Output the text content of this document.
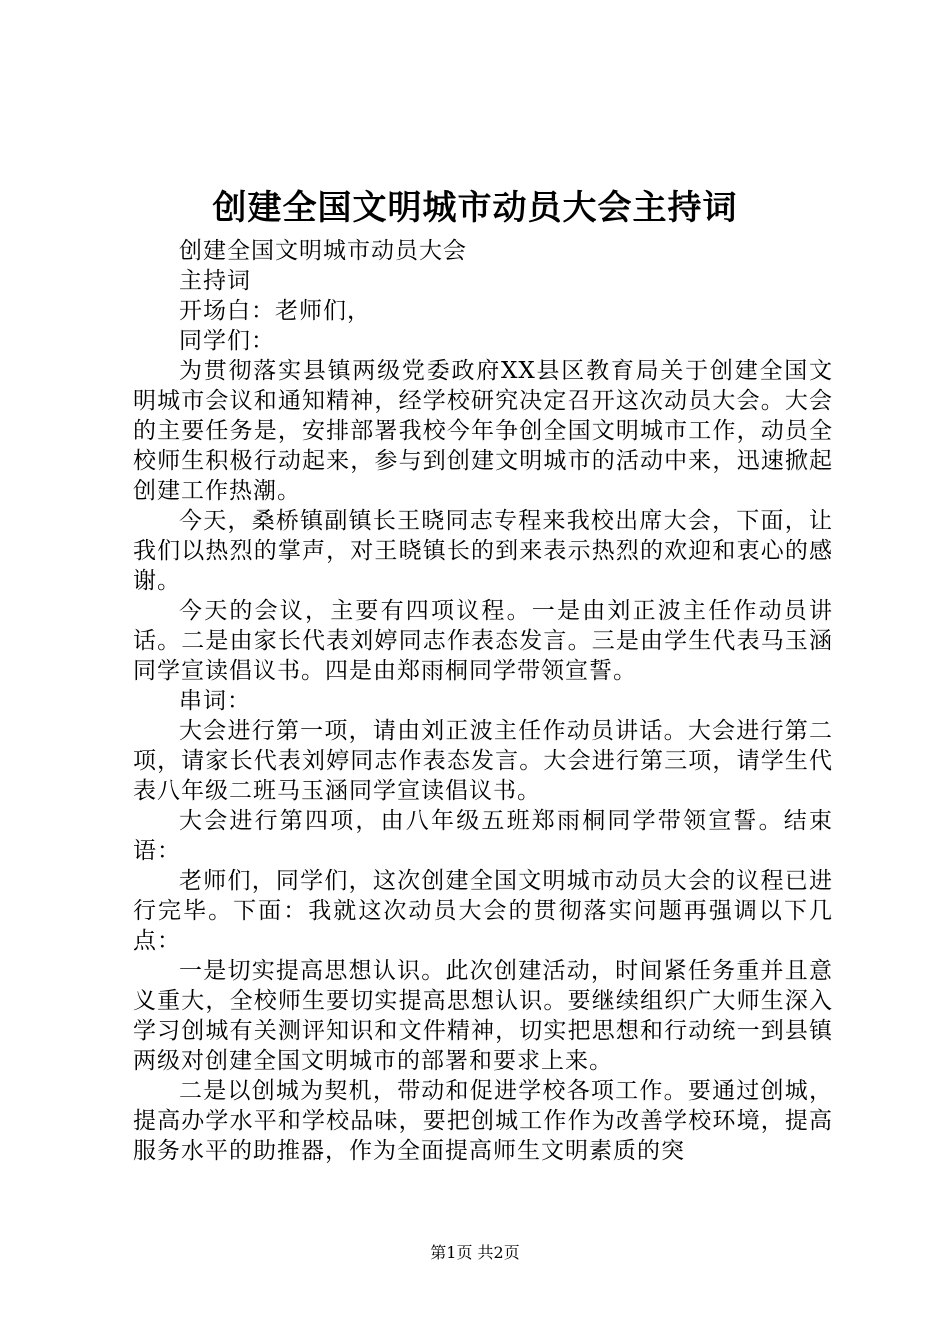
创建全国文明城市动员大会主持词

创建全国文明城市动员大会

主持词

开场白：老师们，

同学们：

为贯彻落实县镇两级党委政府XX县区教育局关于创建全国文明城市会议和通知精神，经学校研究决定召开这次动员大会。大会的主要任务是，安排部署我校今年争创全国文明城市工作，动员全校师生积极行动起来，参与到创建文明城市的活动中来，迅速掀起创建工作热潮。

今天，桑桥镇副镇长王晓同志专程来我校出席大会，下面，让我们以热烈的掌声，对王晓镇长的到来表示热烈的欢迎和衷心的感谢。

今天的会议，主要有四项议程。一是由刘正波主任作动员讲话。二是由家长代表刘婷同志作表态发言。三是由学生代表马玉涵同学宣读倡议书。四是由郑雨桐同学带领宣誓。

串词：

大会进行第一项，请由刘正波主任作动员讲话。大会进行第二项，请家长代表刘婷同志作表态发言。大会进行第三项，请学生代表八年级二班马玉涵同学宣读倡议书。

大会进行第四项，由八年级五班郑雨桐同学带领宣誓。结束语：

老师们，同学们，这次创建全国文明城市动员大会的议程已进行完毕。下面：我就这次动员大会的贯彻落实问题再强调以下几点：

一是切实提高思想认识。此次创建活动，时间紧任务重并且意义重大，全校师生要切实提高思想认识。要继续组织广大师生深入学习创城有关测评知识和文件精神，切实把思想和行动统一到县镇两级对创建全国文明城市的部署和要求上来。

二是以创城为契机，带动和促进学校各项工作。要通过创城，提高办学水平和学校品味，要把创城工作作为改善学校环境，提高服务水平的助推器，作为全面提高师生文明素质的突

第1页 共2页
